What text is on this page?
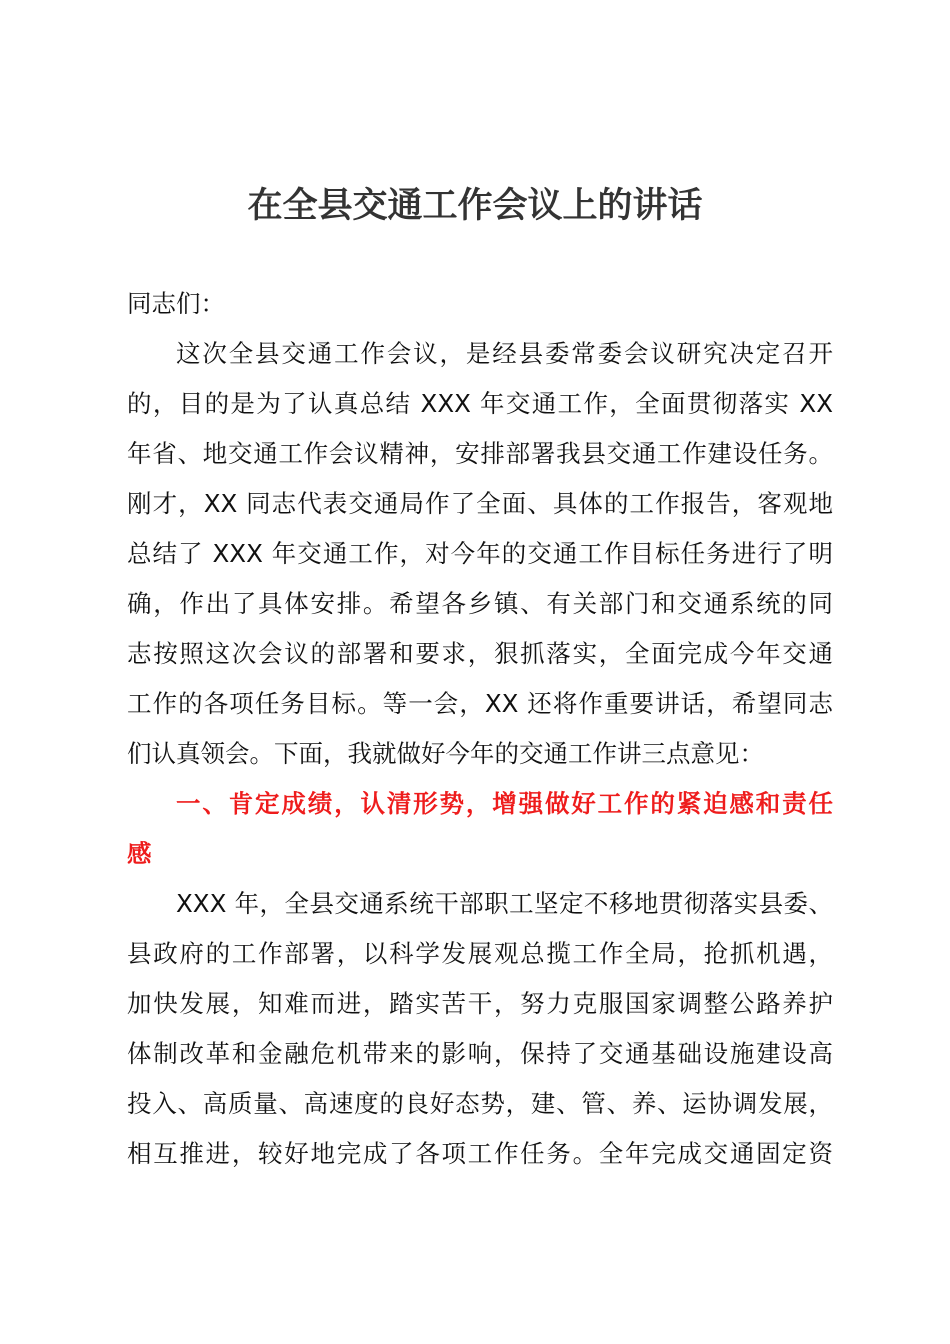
在全县交通工作会议上的讲话
同志们：
这次全县交通工作会议，是经县委常委会议研究决定召开
的，目的是为了认真总结 XXX 年交通工作，全面贯彻落实 XX
年省、地交通工作会议精神，安排部署我县交通工作建设任务。
刚才，XX 同志代表交通局作了全面、具体的工作报告，客观地
总结了 XXX 年交通工作，对今年的交通工作目标任务进行了明
确，作出了具体安排。希望各乡镇、有关部门和交通系统的同
志按照这次会议的部署和要求，狠抓落实，全面完成今年交通
工作的各项任务目标。等一会，XX 还将作重要讲话，希望同志
们认真领会。下面，我就做好今年的交通工作讲三点意见：
一、肯定成绩，认清形势，增强做好工作的紧迫感和责任
感
XXX 年，全县交通系统干部职工坚定不移地贯彻落实县委、
县政府的工作部署，以科学发展观总揽工作全局，抢抓机遇，
加快发展，知难而进，踏实苦干，努力克服国家调整公路养护
体制改革和金融危机带来的影响，保持了交通基础设施建设高
投入、高质量、高速度的良好态势，建、管、养、运协调发展，
相互推进，较好地完成了各项工作任务。全年完成交通固定资
